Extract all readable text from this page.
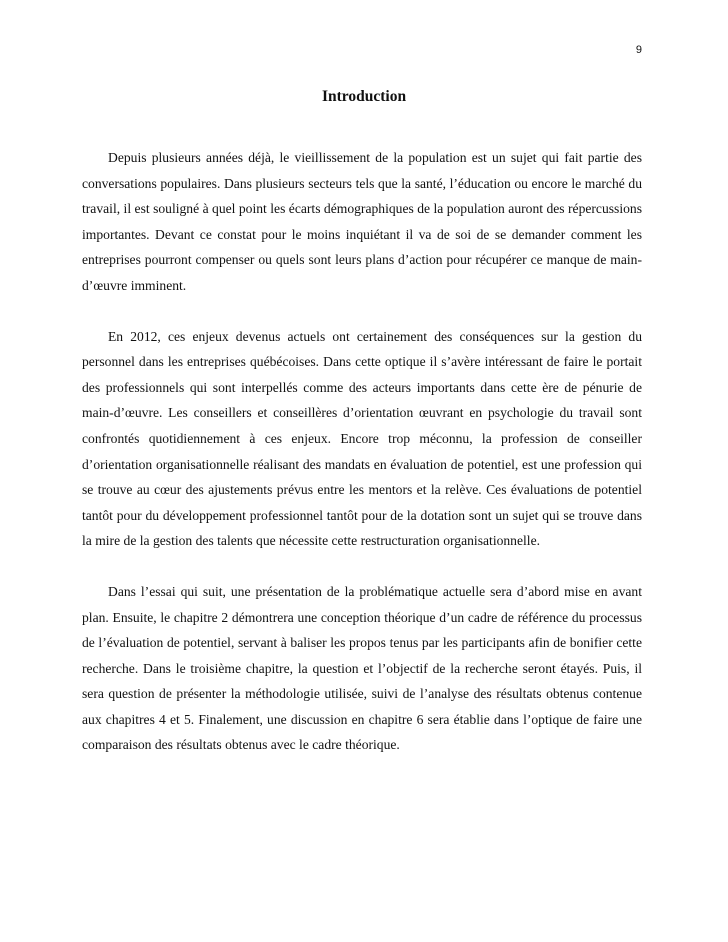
9
Introduction

Depuis plusieurs années déjà, le vieillissement de la population est un sujet qui fait partie des conversations populaires. Dans plusieurs secteurs tels que la santé, l’éducation ou encore le marché du travail, il est souligné à quel point les écarts démographiques de la population auront des répercussions importantes. Devant ce constat pour le moins inquiétant il va de soi de se demander comment les entreprises pourront compenser ou quels sont leurs plans d’action pour récupérer ce manque de main-d’œuvre imminent.

En 2012, ces enjeux devenus actuels ont certainement des conséquences sur la gestion du personnel dans les entreprises québécoises. Dans cette optique il s’avère intéressant de faire le portait des professionnels qui sont interpellés comme des acteurs importants dans cette ère de pénurie de main-d’œuvre. Les conseillers et conseillères d’orientation œuvrant en psychologie du travail sont confrontés quotidiennement à ces enjeux. Encore trop méconnu, la profession de conseiller d’orientation organisationnelle réalisant des mandats en évaluation de potentiel, est une profession qui se trouve au cœur des ajustements prévus entre les mentors et la relève. Ces évaluations de potentiel tantôt pour du développement professionnel tantôt pour de la dotation sont un sujet qui se trouve dans la mire de la gestion des talents que nécessite cette restructuration organisationnelle.

Dans l’essai qui suit, une présentation de la problématique actuelle sera d’abord mise en avant plan. Ensuite, le chapitre 2 démontrera une conception théorique d’un cadre de référence du processus de l’évaluation de potentiel, servant à baliser les propos tenus par les participants afin de bonifier cette recherche. Dans le troisième chapitre, la question et l’objectif de la recherche seront étayés. Puis, il sera question de présenter la méthodologie utilisée, suivi de l’analyse des résultats obtenus contenue aux chapitres 4 et 5. Finalement, une discussion en chapitre 6 sera établie dans l’optique de faire une comparaison des résultats obtenus avec le cadre théorique.
